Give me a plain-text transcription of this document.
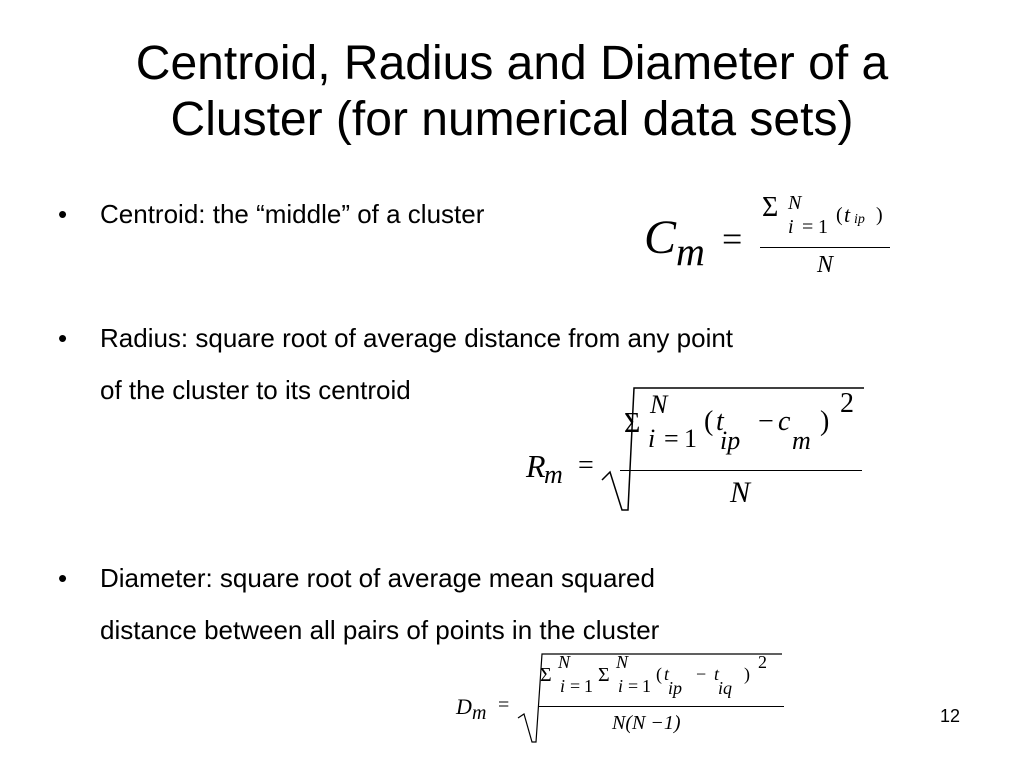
Centroid, Radius and Diameter of a
Cluster (for numerical data sets)
• Centroid: the “middle” of a cluster	C m =
Σ N
i = 1
( t ip )
N
• Radius: square root of average distance from any point
of the cluster to its centroid
R
m =
Σ
N
i = 1
( t
ip
− c
m
)
2
N
• Diameter: square root of average mean squared
distance between all pairs of points in the cluster
D m =
Σ
N
i = 1 Σ
N
i = 1
( t
ip
− t
iq
)
2
N(N −1)	12
